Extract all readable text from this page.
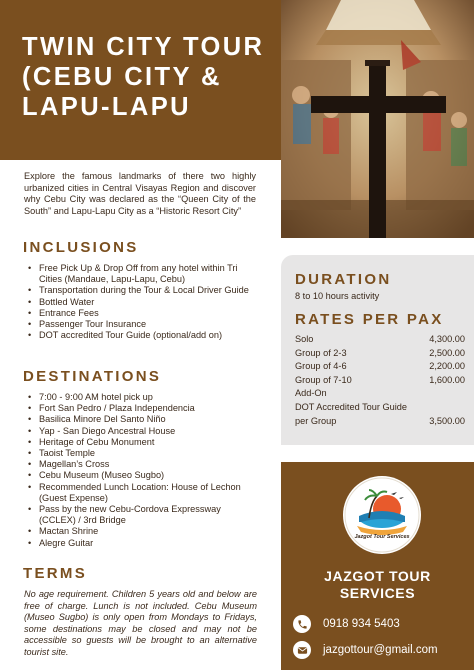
TWIN CITY TOUR (CEBU CITY & LAPU-LAPU

Explore the famous landmarks of there two highly urbanized cities in Central Visayas Region and discover why Cebu City was declared as the “Queen City of the South” and Lapu-Lapu City as a “Historic Resort City”

INCLUSIONS
• Free Pick Up & Drop Off from any hotel within Tri Cities (Mandaue, Lapu-Lapu, Cebu)
• Transportation during the Tour & Local Driver Guide
• Bottled Water
• Entrance Fees
• Passenger Tour Insurance
• DOT accredited Tour Guide (optional/add on)
DESTINATIONS
• 7:00 - 9:00 AM hotel pick up
• Fort San Pedro / Plaza Independencia
• Basilica Minore Del Santo Niño
• Yap - San Diego Ancestral House
• Heritage of Cebu Monument
• Taoist Temple
• Magellan’s Cross
• Cebu Museum (Museo Sugbo)
• Recommended Lunch Location: House of Lechon (Guest Expense)
• Pass by the new Cebu-Cordova Expressway (CCLEX) / 3rd Bridge
• Mactan Shrine
• Alegre Guitar
TERMS

No age requirement. Children 5 years old and below are free of charge. Lunch is not included. Cebu Museum (Museo Sugbo) is only open from Mondays to Fridays, some destinations may be closed and may not be accessible so guests will be brought to an alternative tourist site.

DURATION
8 to 10 hours activity
RATES PER PAX
Solo	4,300.00
Group of 2-3	2,500.00
Group of 4-6	2,200.00
Group of 7-10	1,600.00
Add-On
DOT Accredited Tour Guide
per Group	3,500.00
Jazgot Tour Services
JAZGOT TOUR
SERVICES
0918 934 5403
jazgottour@gmail.com
